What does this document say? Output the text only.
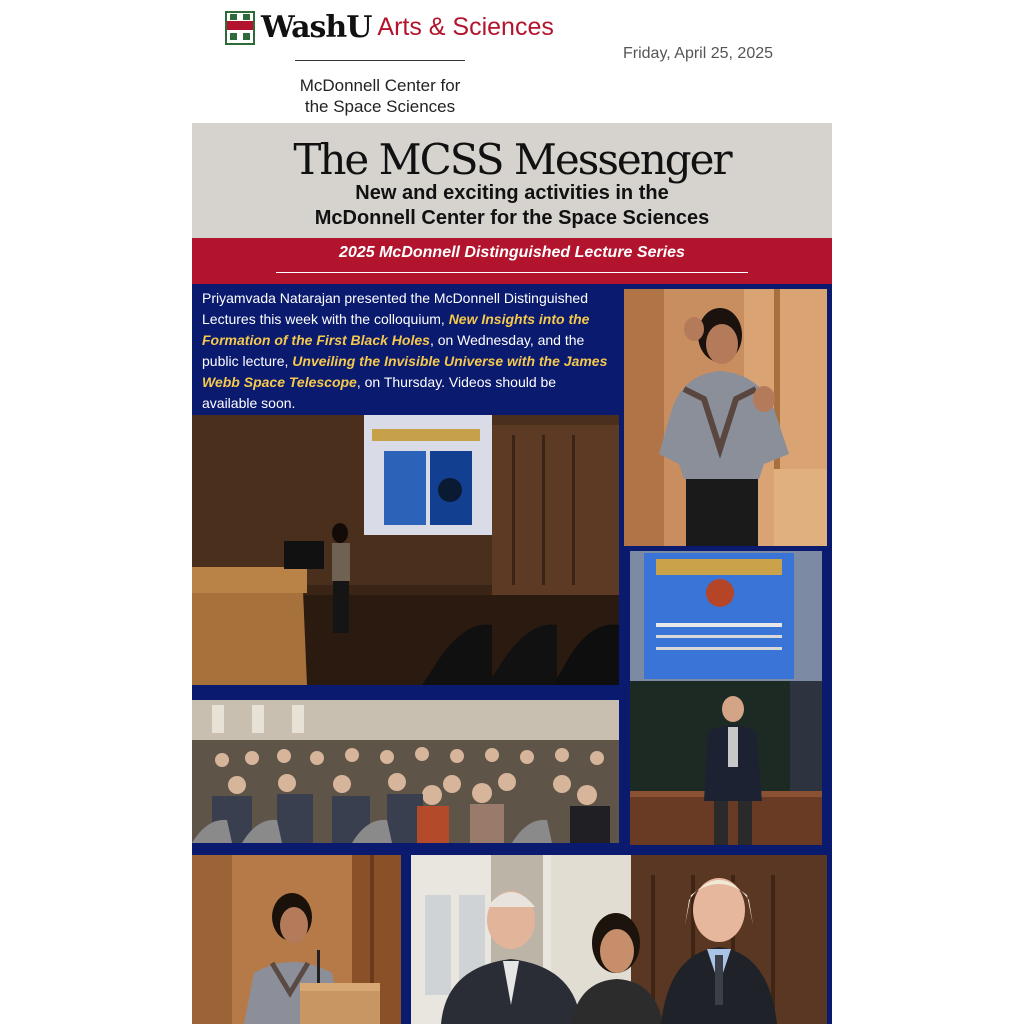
WashU Arts & Sciences
McDonnell Center for
the Space Sciences
Friday, April 25, 2025
The MCSS Messenger
New and exciting activities in the
McDonnell Center for the Space Sciences
2025 McDonnell Distinguished Lecture Series

Priyamvada Natarajan presented the McDonnell Distinguished Lectures this week with the colloquium, New Insights into the Formation of the First Black Holes, on Wednesday, and the public lecture, Unveiling the Invisible Universe with the James Webb Space Telescope, on Thursday. Videos should be available soon.
